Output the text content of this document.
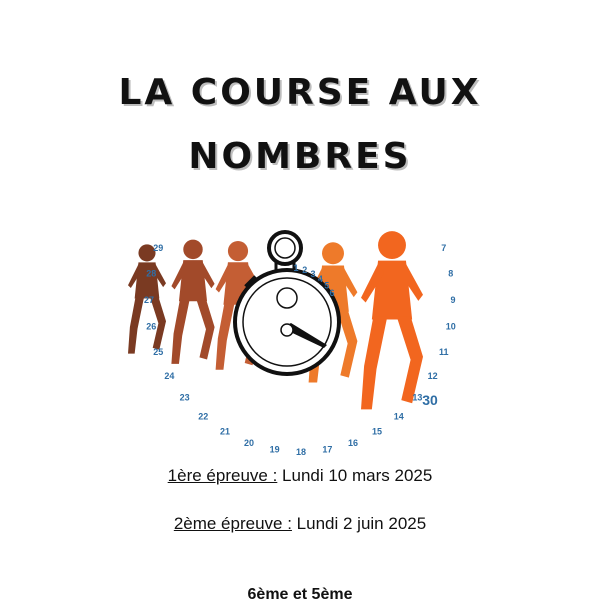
LA COURSE AUX
NOMBRES
1 2 3
4
5
6
7
8
9
10
11
12
13
14
15
16
17
18
19
20
21
22
23
24
25
26
27
28
29
30
1ère épreuve : Lundi 10 mars 2025
2ème épreuve : Lundi 2 juin 2025
6ème et 5ème
